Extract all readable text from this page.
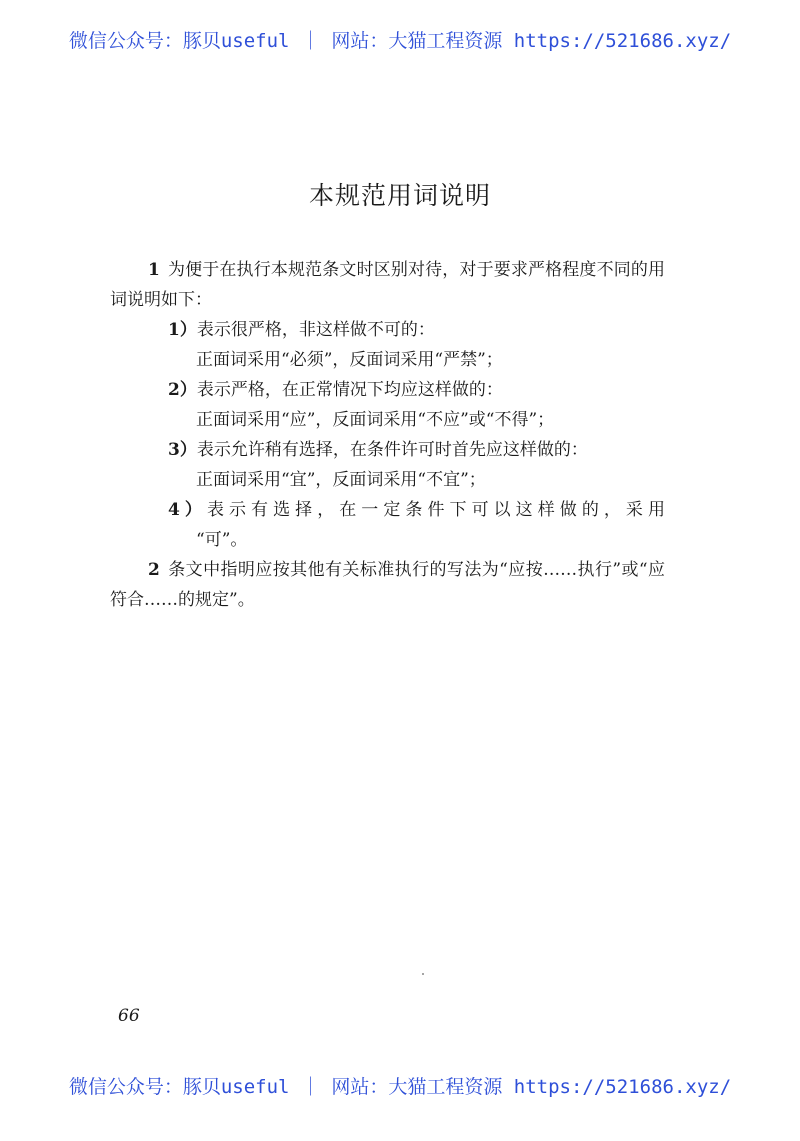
微信公众号：豚贝useful ｜ 网站：大猫工程资源 https://521686.xyz/
本规范用词说明

1 为便于在执行本规范条文时区别对待，对于要求严格程度不同的用词说明如下：

1）表示很严格，非这样做不可的：
正面词采用“必须”，反面词采用“严禁”；

2）表示严格，在正常情况下均应这样做的：
正面词采用“应”，反面词采用“不应”或“不得”；

3）表示允许稍有选择，在条件许可时首先应这样做的：
正面词采用“宜”，反面词采用“不宜”；

4）表示有选择，在一定条件下可以这样做的，采用
“可”。

2 条文中指明应按其他有关标准执行的写法为“应按……执行”或“应符合……的规定”。

66
微信公众号：豚贝useful ｜ 网站：大猫工程资源 https://521686.xyz/
